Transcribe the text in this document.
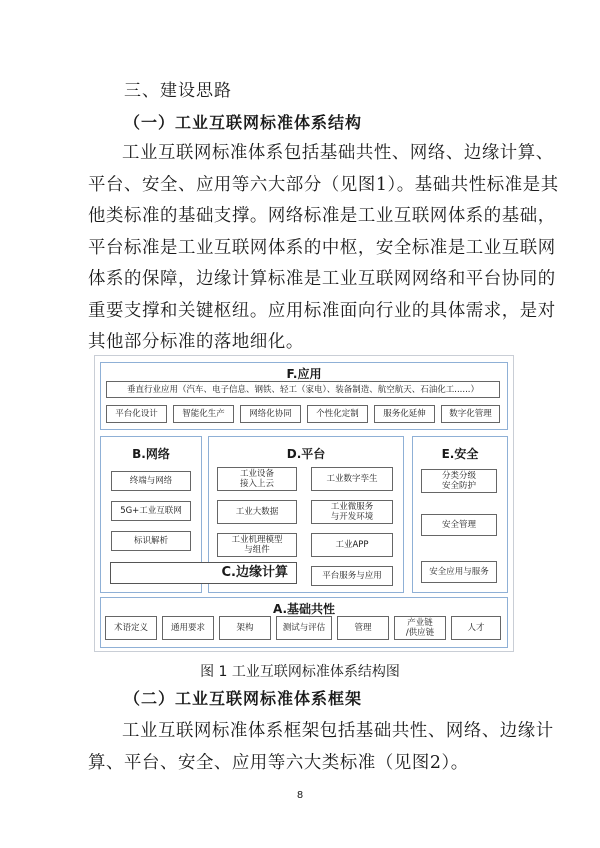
三、建设思路
（一）工业互联网标准体系结构
工业互联网标准体系包括基础共性、网络、边缘计算、
平台、安全、应用等六大部分（见图1）。基础共性标准是其
他类标准的基础支撑。网络标准是工业互联网体系的基础，
平台标准是工业互联网体系的中枢，安全标准是工业互联网
体系的保障，边缘计算标准是工业互联网网络和平台协同的
重要支撑和关键枢纽。应用标准面向行业的具体需求，是对
其他部分标准的落地细化。
F.应用
垂直行业应用（汽车、电子信息、钢铁、轻工（家电）、装备制造、航空航天、石油化工......）
平台化设计	智能化生产	网络化协同	个性化定制	服务化延伸	数字化管理
B.网络
终端与网络
5G+工业互联网
标识解析
D.平台
工业设备
接入上云	工业数字孪生
工业大数据	工业微服务
与开发环境
工业机理模型
与组件	工业APP
平台服务与应用
C.边缘计算
E.安全
分类分级
安全防护
安全管理
安全应用与服务
A.基础共性
术语定义	通用要求	架构	测试与评估	管理	产业链
/供应链	人才
图 1 工业互联网标准体系结构图
（二）工业互联网标准体系框架
工业互联网标准体系框架包括基础共性、网络、边缘计
算、平台、安全、应用等六大类标准（见图2）。
8
